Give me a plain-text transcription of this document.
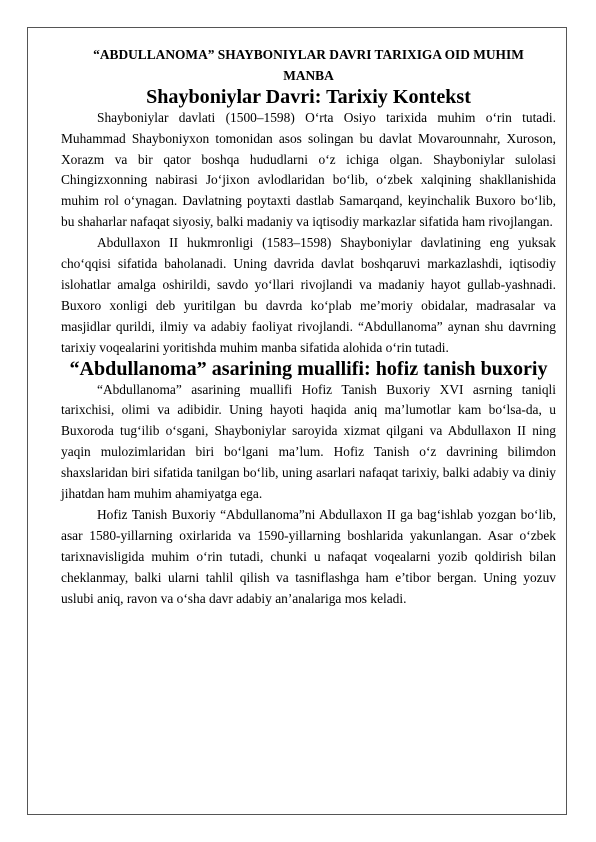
“ABDULLANOMA” SHAYBONIYLAR DAVRI TARIXIGA OID MUHIM MANBA
Shayboniylar Davri: Tarixiy Kontekst

Shayboniylar davlati (1500–1598) O‘rta Osiyo tarixida muhim o‘rin tutadi. Muhammad Shayboniyxon tomonidan asos solingan bu davlat Movarounnahr, Xuroson, Xorazm va bir qator boshqa hududlarni o‘z ichiga olgan. Shayboniylar sulolasi Chingizxonning nabirasi Jo‘jixon avlodlaridan bo‘lib, o‘zbek xalqining shakllanishida muhim rol o‘ynagan. Davlatning poytaxti dastlab Samarqand, keyinchalik Buxoro bo‘lib, bu shaharlar nafaqat siyosiy, balki madaniy va iqtisodiy markazlar sifatida ham rivojlangan.

Abdullaxon II hukmronligi (1583–1598) Shayboniylar davlatining eng yuksak cho‘qqisi sifatida baholanadi. Uning davrida davlat boshqaruvi markazlashdi, iqtisodiy islohatlar amalga oshirildi, savdo yo‘llari rivojlandi va madaniy hayot gullab-yashnadi. Buxoro xonligi deb yuritilgan bu davrda ko‘plab me’moriy obidalar, madrasalar va masjidlar qurildi, ilmiy va adabiy faoliyat rivojlandi. “Abdullanoma” aynan shu davrning tarixiy voqealarini yoritishda muhim manba sifatida alohida o‘rin tutadi.

“Abdullanoma” asarining muallifi: hofiz tanish buxoriy

“Abdullanoma” asarining muallifi Hofiz Tanish Buxoriy XVI asrning taniqli tarixchisi, olimi va adibidir. Uning hayoti haqida aniq ma’lumotlar kam bo‘lsa-da, u Buxoroda tug‘ilib o‘sgani, Shayboniylar saroyida xizmat qilgani va Abdullaxon II ning yaqin mulozimlaridan biri bo‘lgani ma’lum. Hofiz Tanish o‘z davrining bilimdon shaxslaridan biri sifatida tanilgan bo‘lib, uning asarlari nafaqat tarixiy, balki adabiy va diniy jihatdan ham muhim ahamiyatga ega.

Hofiz Tanish Buxoriy “Abdullanoma”ni Abdullaxon II ga bag‘ishlab yozgan bo‘lib, asar 1580-yillarning oxirlarida va 1590-yillarning boshlarida yakunlangan. Asar o‘zbek tarixnavisligida muhim o‘rin tutadi, chunki u nafaqat voqealarni yozib qoldirish bilan cheklanmay, balki ularni tahlil qilish va tasniflashga ham e’tibor bergan. Uning yozuv uslubi aniq, ravon va o‘sha davr adabiy an’analariga mos keladi.
